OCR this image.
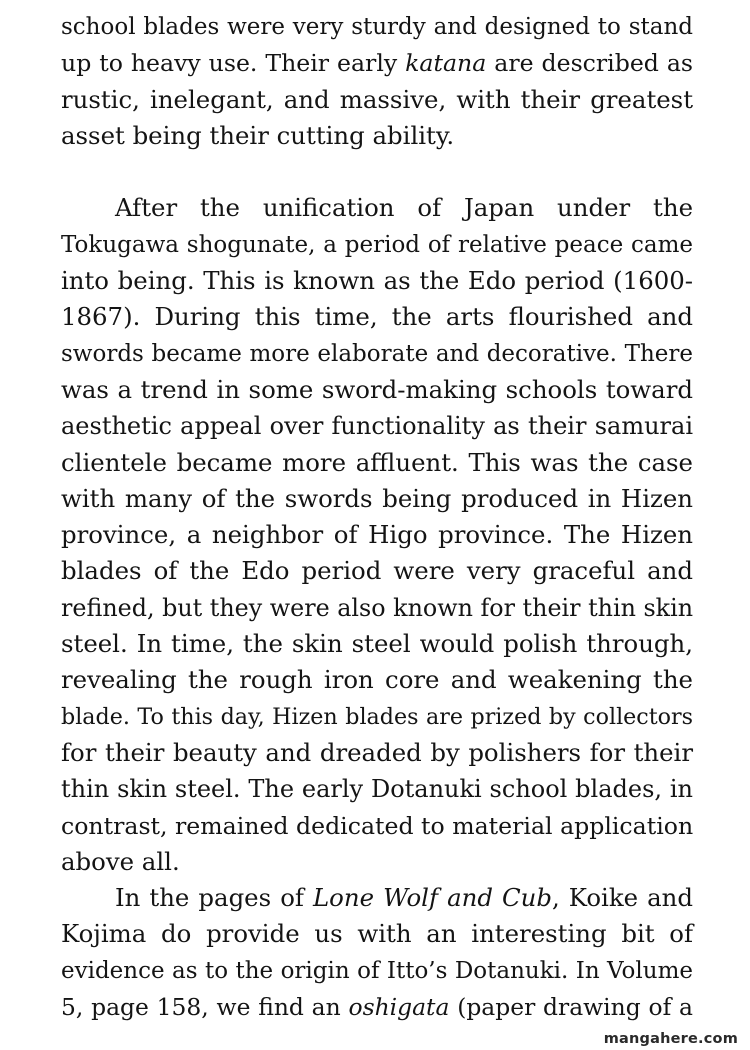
school blades were very sturdy and designed to stand
up to heavy use. Their early katana are described as
rustic, inelegant, and massive, with their greatest
asset being their cutting ability.
After the unification of Japan under the
Tokugawa shogunate, a period of relative peace came
into being. This is known as the Edo period (1600-
1867). During this time, the arts flourished and
swords became more elaborate and decorative. There
was a trend in some sword-making schools toward
aesthetic appeal over functionality as their samurai
clientele became more affluent. This was the case
with many of the swords being produced in Hizen
province, a neighbor of Higo province. The Hizen
blades of the Edo period were very graceful and
refined, but they were also known for their thin skin
steel. In time, the skin steel would polish through,
revealing the rough iron core and weakening the
blade. To this day, Hizen blades are prized by collectors
for their beauty and dreaded by polishers for their
thin skin steel. The early Dotanuki school blades, in
contrast, remained dedicated to material application
above all.
In the pages of Lone Wolf and Cub, Koike and
Kojima do provide us with an interesting bit of
evidence as to the origin of Itto’s Dotanuki. In Volume
5, page 158, we find an oshigata (paper drawing of a
mangahere.com
